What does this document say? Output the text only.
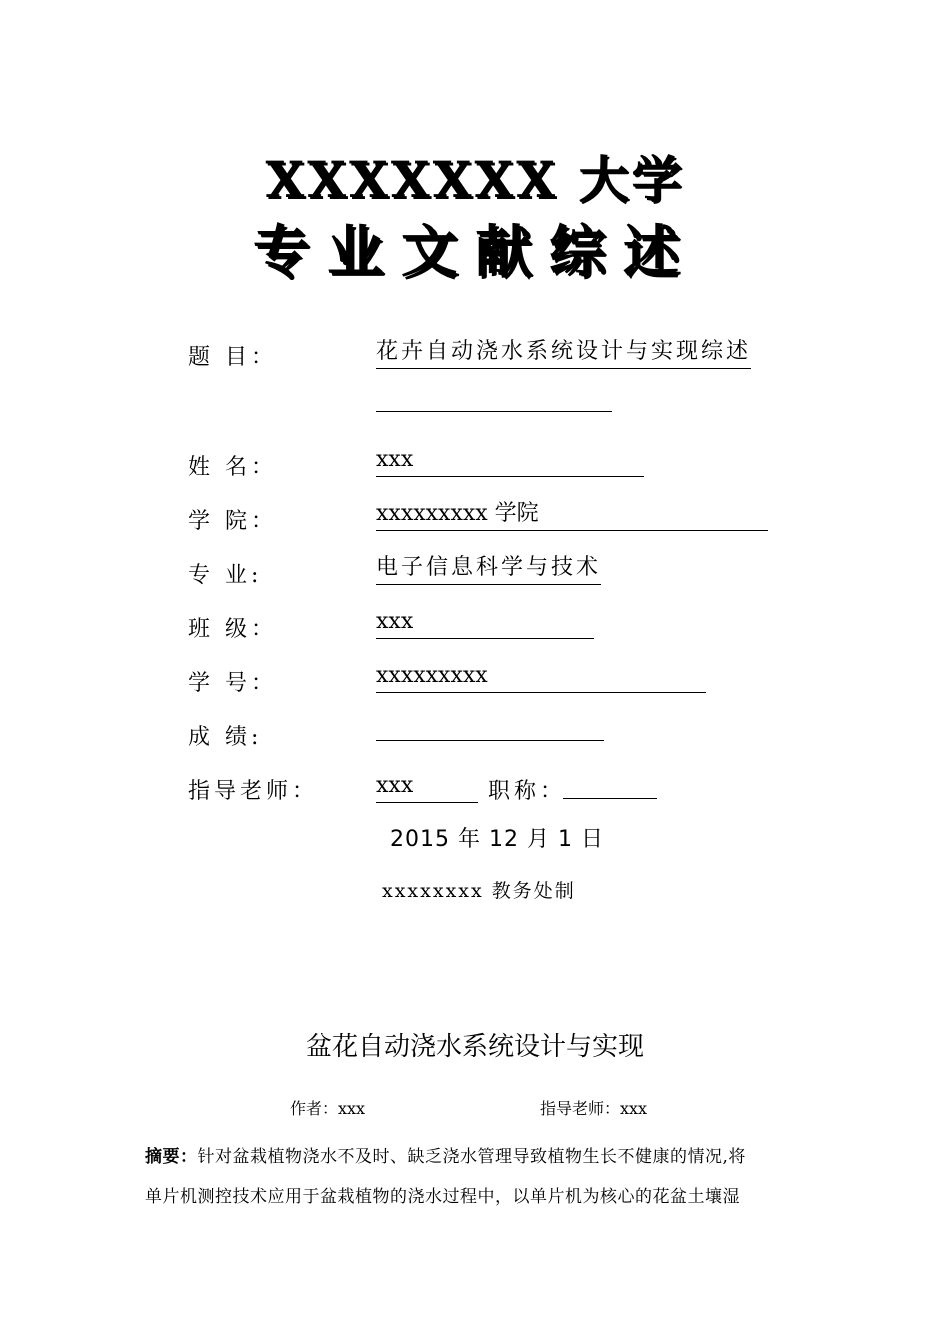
XXXXXXX 大学
专业文献综述
题 目：	花卉自动浇水系统设计与实现综述
姓 名：	xxx
学 院：	xxxxxxxxx 学院
专 业:	电子信息科学与技术
班 级：	xxx
学 号：	xxxxxxxxx
成 绩:
指导老师：	xxx	职称：
2015 年 12 月 1 日
xxxxxxxx 教务处制
盆花自动浇水系统设计与实现
作者：xxx	指导老师：xxx
摘要：针对盆栽植物浇水不及时、缺乏浇水管理导致植物生长不健康的情况,将
单片机测控技术应用于盆栽植物的浇水过程中，以单片机为核心的花盆土壤湿
